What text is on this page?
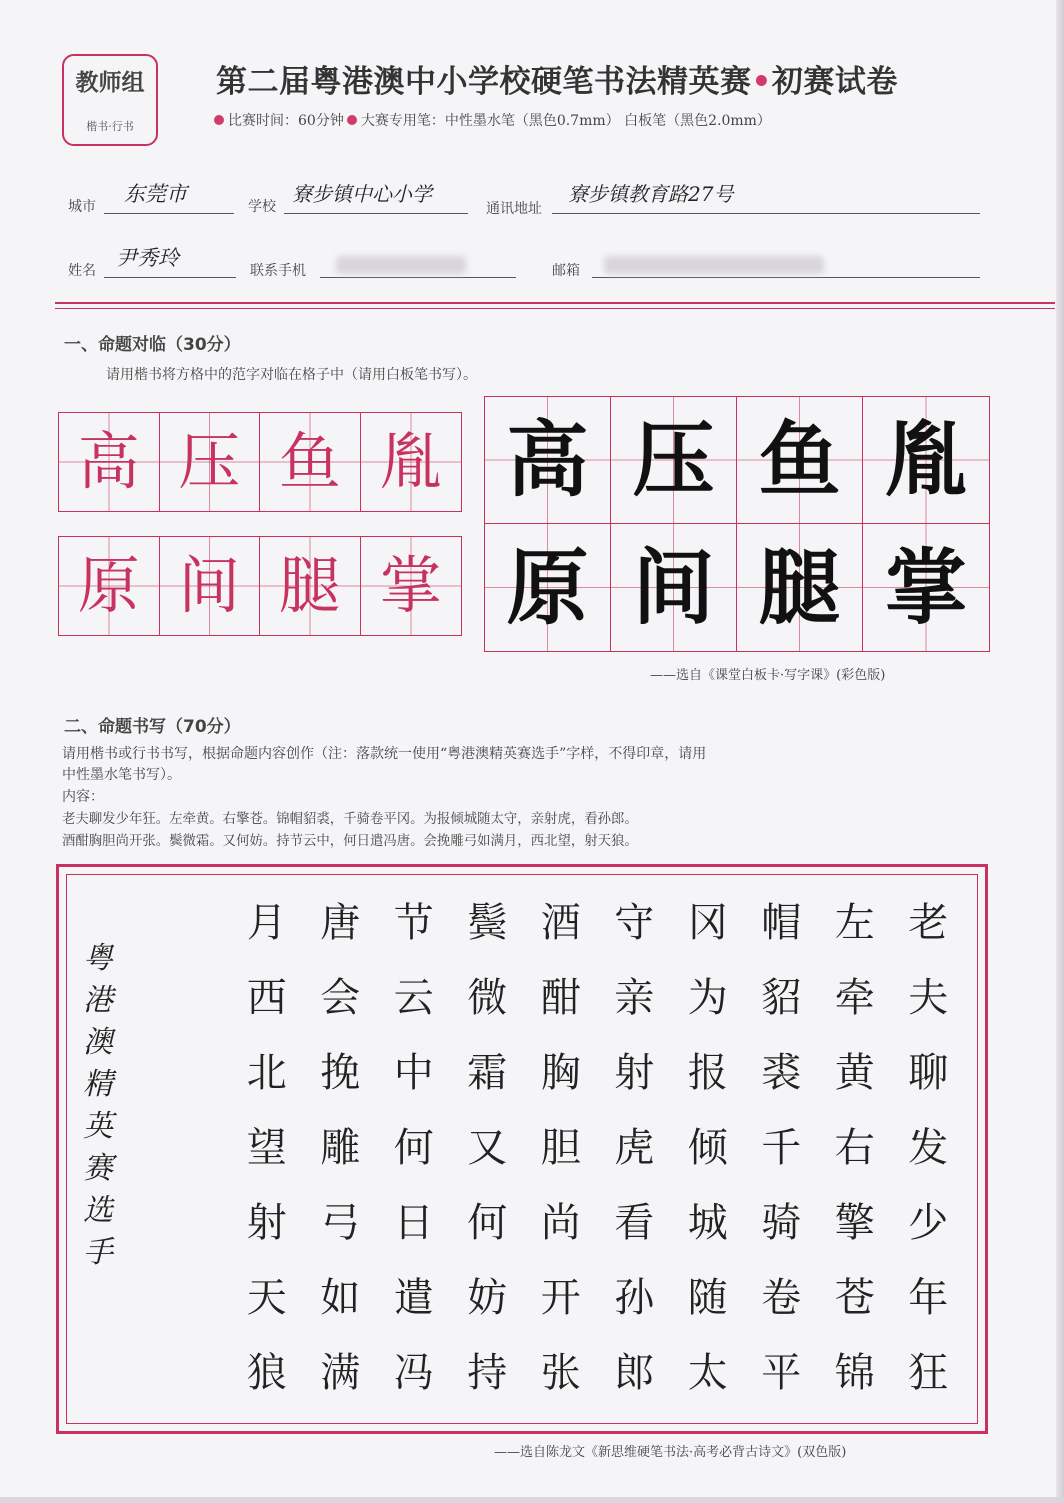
教师组
楷书·行书
第二届粤港澳中小学校硬笔书法精英赛•初赛试卷
比赛时间：60分钟 大赛专用笔：中性墨水笔（黑色0.7mm） 白板笔（黑色2.0mm）
城市
东莞市
学校
寮步镇中心小学
通讯地址
寮步镇教育路27号
姓名
尹秀玲
联系手机	邮箱
一、命题对临（30分）
请用楷书将方格中的范字对临在格子中（请用白板笔书写）。
高 压 鱼 胤
原 间 腿 掌
高 压 鱼 胤
原 间 腿 掌
——选自《课堂白板卡·写字课》(彩色版)
二、命题书写（70分）
请用楷书或行书书写，根据命题内容创作（注：落款统一使用“粤港澳精英赛选手”字样，不得印章，请用
中性墨水笔书写）。
内容：
老夫聊发少年狂。左牵黄。右擎苍。锦帽貂裘，千骑卷平冈。为报倾城随太守，亲射虎，看孙郎。
酒酣胸胆尚开张。鬓微霜。又何妨。持节云中，何日遣冯唐。会挽雕弓如满月，西北望，射天狼。
粤
港
澳
精
英
赛
选
手
月 唐 节 鬓 酒 守 冈 帽 左 老
西 会 云 微 酣 亲 为 貂 牵 夫
北 挽 中 霜 胸 射 报 裘 黄 聊
望 雕 何 又 胆 虎 倾 千 右 发
射 弓 日 何 尚 看 城 骑 擎 少
天 如 遣 妨 开 孙 随 卷 苍 年
狼 满 冯 持 张 郎 太 平 锦 狂
——选自陈龙文《新思维硬笔书法·高考必背古诗文》(双色版)
